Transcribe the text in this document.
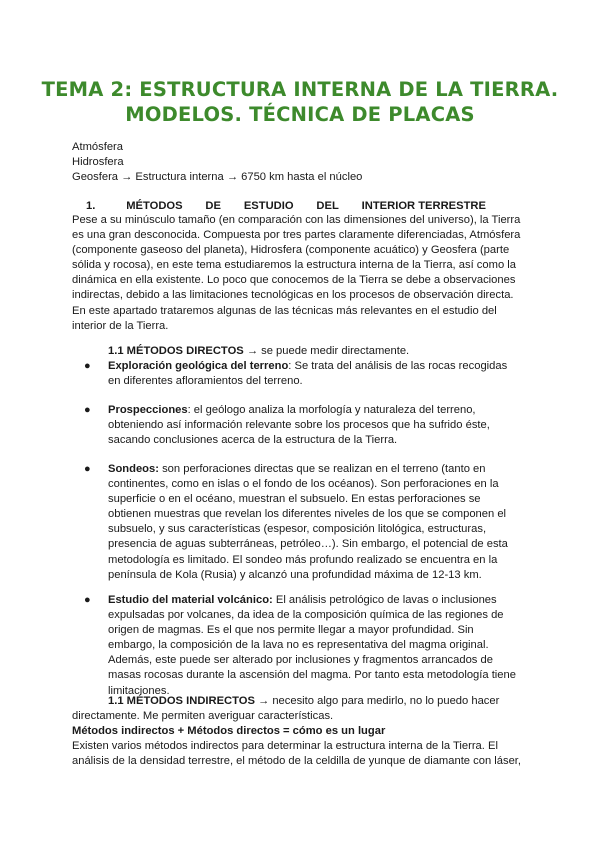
TEMA 2: ESTRUCTURA INTERNA DE LA TIERRA.
MODELOS. TÉCNICA DE PLACAS
Atmósfera
Hidrosfera
Geosfera → Estructura interna → 6750 km hasta el núcleo
1.	MÉTODOS DE ESTUDIO DEL INTERIOR TERRESTRE
Pese a su minúsculo tamaño (en comparación con las dimensiones del universo), la Tierra es una gran desconocida. Compuesta por tres partes claramente diferenciadas, Atmósfera (componente gaseoso del planeta), Hidrosfera (componente acuático) y Geosfera (parte sólida y rocosa), en este tema estudiaremos la estructura interna de la Tierra, así como la dinámica en ella existente. Lo poco que conocemos de la Tierra se debe a observaciones indirectas, debido a las limitaciones tecnológicas en los procesos de observación directa. En este apartado trataremos algunas de las técnicas más relevantes en el estudio del interior de la Tierra.
1.1 MÉTODOS DIRECTOS → se puede medir directamente.
● Exploración geológica del terreno: Se trata del análisis de las rocas recogidas en diferentes afloramientos del terreno.
● Prospecciones: el geólogo analiza la morfología y naturaleza del terreno, obteniendo así información relevante sobre los procesos que ha sufrido éste, sacando conclusiones acerca de la estructura de la Tierra.
● Sondeos: son perforaciones directas que se realizan en el terreno (tanto en continentes, como en islas o el fondo de los océanos). Son perforaciones en la superficie o en el océano, muestran el subsuelo. En estas perforaciones se obtienen muestras que revelan los diferentes niveles de los que se componen el subsuelo, y sus características (espesor, composición litológica, estructuras, presencia de aguas subterráneas, petróleo…). Sin embargo, el potencial de esta metodología es limitado. El sondeo más profundo realizado se encuentra en la península de Kola (Rusia) y alcanzó una profundidad máxima de 12-13 km.
● Estudio del material volcánico: El análisis petrológico de lavas o inclusiones expulsadas por volcanes, da idea de la composición química de las regiones de origen de magmas. Es el que nos permite llegar a mayor profundidad. Sin embargo, la composición de la lava no es representativa del magma original. Además, este puede ser alterado por inclusiones y fragmentos arrancados de masas rocosas durante la ascensión del magma. Por tanto esta metodología tiene limitaciones.
1.1 MÉTODOS INDIRECTOS → necesito algo para medirlo, no lo puedo hacer
directamente. Me permiten averiguar características.
Métodos indirectos + Métodos directos = cómo es un lugar
Existen varios métodos indirectos para determinar la estructura interna de la Tierra. El análisis de la densidad terrestre, el método de la celdilla de yunque de diamante con láser,
